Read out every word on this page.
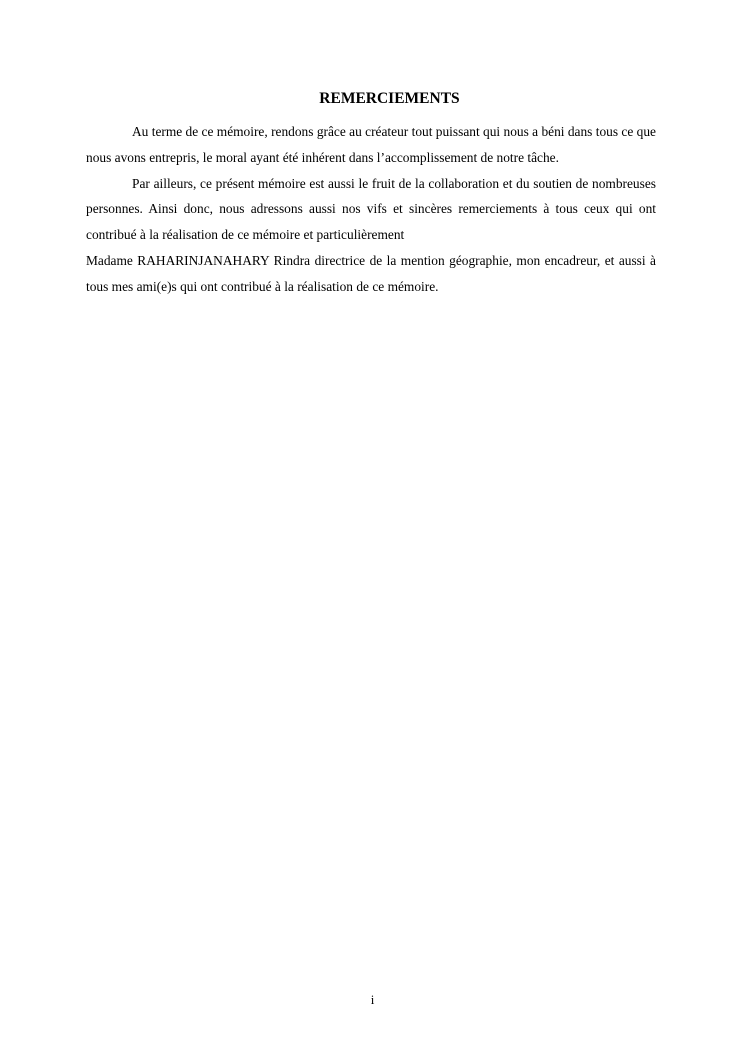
REMERCIEMENTS

Au terme de ce mémoire, rendons grâce au créateur tout puissant qui nous a béni dans tous ce que nous avons entrepris, le moral ayant été inhérent dans l’accomplissement de notre tâche.

Par ailleurs, ce présent mémoire est aussi le fruit de la collaboration et du soutien de nombreuses personnes. Ainsi donc, nous adressons aussi nos vifs et sincères remerciements à tous ceux qui ont contribué à la réalisation de ce mémoire et particulièrement

Madame RAHARINJANAHARY Rindra directrice de la mention géographie, mon encadreur, et aussi à tous mes ami(e)s qui ont contribué à la réalisation de ce mémoire.

i
